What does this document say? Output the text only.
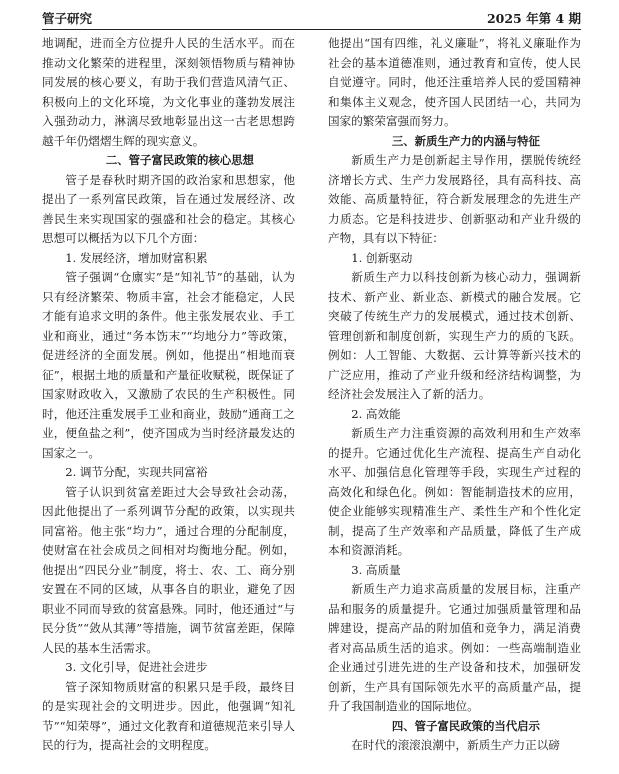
管子研究	2025 年第 4 期

地调配，进而全方位提升人民的生活水平。而在推动文化繁荣的进程里，深刻领悟物质与精神协同发展的核心要义，有助于我们营造风清气正、积极向上的文化环境，为文化事业的蓬勃发展注入强劲动力，淋漓尽致地彰显出这一古老思想跨越千年仍熠熠生辉的现实意义。

二、管子富民政策的核心思想

管子是春秋时期齐国的政治家和思想家，他提出了一系列富民政策，旨在通过发展经济、改善民生来实现国家的强盛和社会的稳定。其核心思想可以概括为以下几个方面：

1. 发展经济，增加财富积累

管子强调“仓廪实”是“知礼节”的基础，认为只有经济繁荣、物质丰富，社会才能稳定，人民才能有追求文明的条件。他主张发展农业、手工业和商业，通过“务本饬末”“均地分力”等政策，促进经济的全面发展。例如，他提出“相地而衰征”，根据土地的质量和产量征收赋税，既保证了国家财政收入，又激励了农民的生产积极性。同时，他还注重发展手工业和商业，鼓励“通商工之业，便鱼盐之利”，使齐国成为当时经济最发达的国家之一。

2. 调节分配，实现共同富裕

管子认识到贫富差距过大会导致社会动荡，因此他提出了一系列调节分配的政策，以实现共同富裕。他主张“均力”，通过合理的分配制度，使财富在社会成员之间相对均衡地分配。例如，他提出“四民分业”制度，将士、农、工、商分别安置在不同的区域，从事各自的职业，避免了因职业不同而导致的贫富悬殊。同时，他还通过“与民分货”“敛从其薄”等措施，调节贫富差距，保障人民的基本生活需求。

3. 文化引导，促进社会进步

管子深知物质财富的积累只是手段，最终目的是实现社会的文明进步。因此，他强调“知礼节”“知荣辱”，通过文化教育和道德规范来引导人民的行为，提高社会的文明程度。

他提出“国有四维，礼义廉耻”，将礼义廉耻作为社会的基本道德准则，通过教育和宣传，使人民自觉遵守。同时，他还注重培养人民的爱国精神和集体主义观念，使齐国人民团结一心，共同为国家的繁荣富强而努力。

三、新质生产力的内涵与特征

新质生产力是创新起主导作用，摆脱传统经济增长方式、生产力发展路径，具有高科技、高效能、高质量特征，符合新发展理念的先进生产力质态。它是科技进步、创新驱动和产业升级的产物，具有以下特征：

1. 创新驱动

新质生产力以科技创新为核心动力，强调新技术、新产业、新业态、新模式的融合发展。它突破了传统生产力的发展模式，通过技术创新、管理创新和制度创新，实现生产力的质的飞跃。例如：人工智能、大数据、云计算等新兴技术的广泛应用，推动了产业升级和经济结构调整，为经济社会发展注入了新的活力。

2. 高效能

新质生产力注重资源的高效利用和生产效率的提升。它通过优化生产流程、提高生产自动化水平、加强信息化管理等手段，实现生产过程的高效化和绿色化。例如：智能制造技术的应用，使企业能够实现精准生产、柔性生产和个性化定制，提高了生产效率和产品质量，降低了生产成本和资源消耗。

3. 高质量

新质生产力追求高质量的发展目标，注重产品和服务的质量提升。它通过加强质量管理和品牌建设，提高产品的附加值和竞争力，满足消费者对高品质生活的追求。例如：一些高端制造业企业通过引进先进的生产设备和技术，加强研发创新，生产具有国际领先水平的高质量产品，提升了我国制造业的国际地位。

四、管子富民政策的当代启示

在时代的滚滚浪潮中，新质生产力正以磅
